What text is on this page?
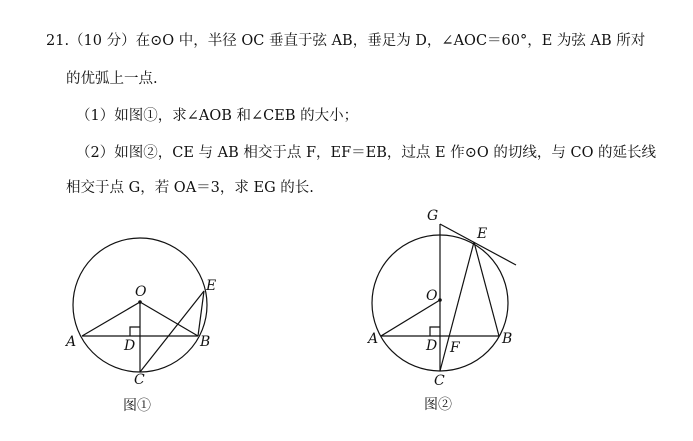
21.（10 分）在⊙O 中，半径 OC 垂直于弦 AB，垂足为 D，∠AOC＝60°，E 为弦 AB 所对
的优弧上一点.
（1）如图①，求∠AOB 和∠CEB 的大小；
（2）如图②，CE 与 AB 相交于点 F，EF＝EB，过点 E 作⊙O 的切线，与 CO 的延长线
相交于点 G，若 OA＝3，求 EG 的长.
O
A	B
C
D
E
图①
G
E
O
A	B
C
D F
图②
